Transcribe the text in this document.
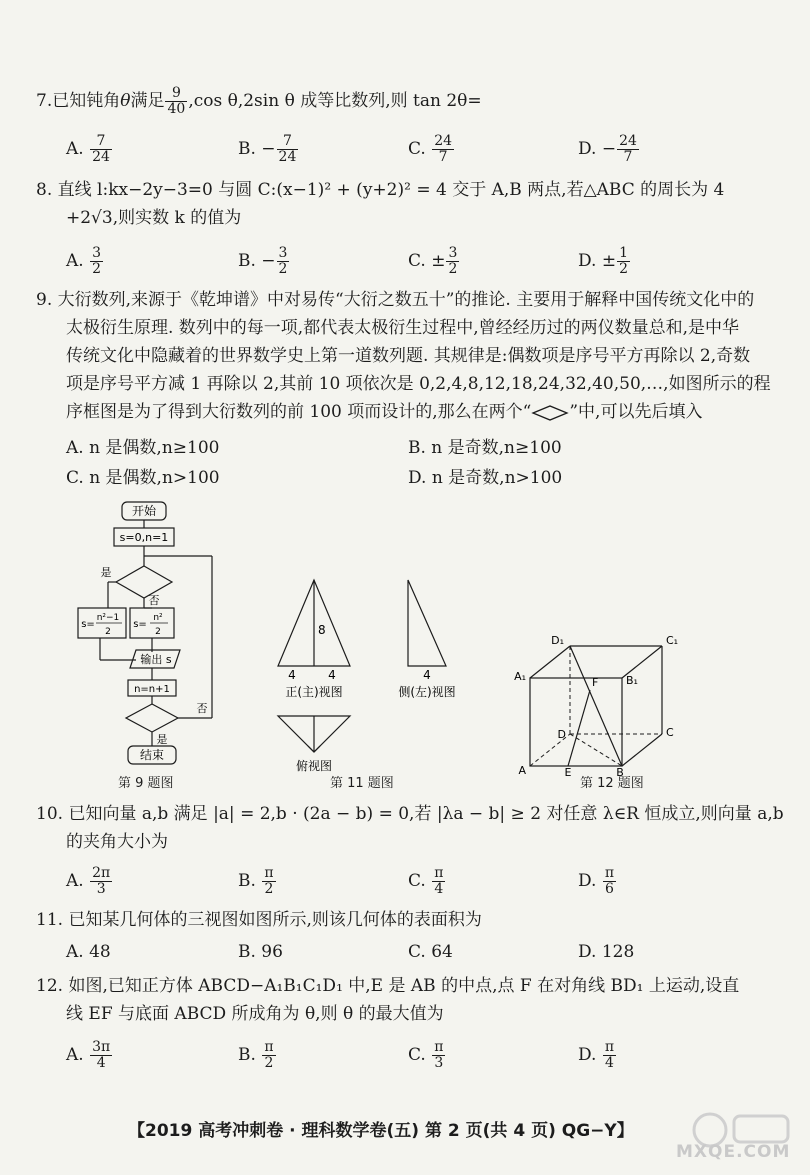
7.已知钝角θ满足 $\frac{9}{40} ,\cos$ θ,2sin θ 成等比数列,则 tan 2θ=
A. $\frac{7}{24}$	B. − $\frac{7}{24}$	C. $\frac{24}{7}$	D. − $\frac{24}{7}$
8. 直线 l:kx−2y−3=0 与圆 C:(x−1)² + (y+2)² = 4 交于 A,B 两点,若△ABC 的周长为 4
+2√3,则实数 k 的值为
A. $\frac{3}{2}$	B. − $\frac{3}{2}$	C. ± $\frac{3}{2}$	D. ± $\frac{1}{2}$
9. 大衍数列,来源于《乾坤谱》中对易传“大衍之数五十”的推论. 主要用于解释中国传统文化中的
太极衍生原理. 数列中的每一项,都代表太极衍生过程中,曾经经历过的两仪数量总和,是中华
传统文化中隐藏着的世界数学史上第一道数列题. 其规律是:偶数项是序号平方再除以 2,奇数
项是序号平方减 1 再除以 2,其前 10 项依次是 0,2,4,8,12,18,24,32,40,50,…,如图所示的程
序框图是为了得到大衍数列的前 100 项而设计的,那么在两个“ ”中,可以先后填入
A. n 是偶数,n≥100	B. n 是奇数,n≥100
C. n 是偶数,n>100	D. n 是奇数,n>100
开始
s=0,n=1
是
否
s=
n²−1
2
s=
n²
2
输出 s
n=n+1
否
是
结束
第 9 题图
8
4	4	4
正(主)视图	侧(左)视图
俯视图
第 11 题图
D₁	C₁
A₁	B₁
F
D	C
A	E	B
第 12 题图
10. 已知向量 a,b 满足 |a| = 2,b · (2a − b) = 0,若 |λa − b| ≥ 2 对任意 λ∈R 恒成立,则向量 a,b
的夹角大小为
A. $\frac{2\pi}{3}$	B. $\frac{\pi}{2}$	C. $\frac{\pi}{4}$	D. $\frac{\pi}{6}$
11. 已知某几何体的三视图如图所示,则该几何体的表面积为
A. 48	B. 96	C. 64	D. 128
12. 如图,已知正方体 ABCD−A₁B₁C₁D₁ 中,E 是 AB 的中点,点 F 在对角线 BD₁ 上运动,设直
线 EF 与底面 ABCD 所成角为 θ,则 θ 的最大值为
A. $\frac{3\pi}{4}$	B. $\frac{\pi}{2}$	C. $\frac{\pi}{3}$	D. $\frac{\pi}{4}$
【2019 高考冲刺卷 · 理科数学卷(五) 第 2 页(共 4 页) QG−Y】
MXQE.COM
